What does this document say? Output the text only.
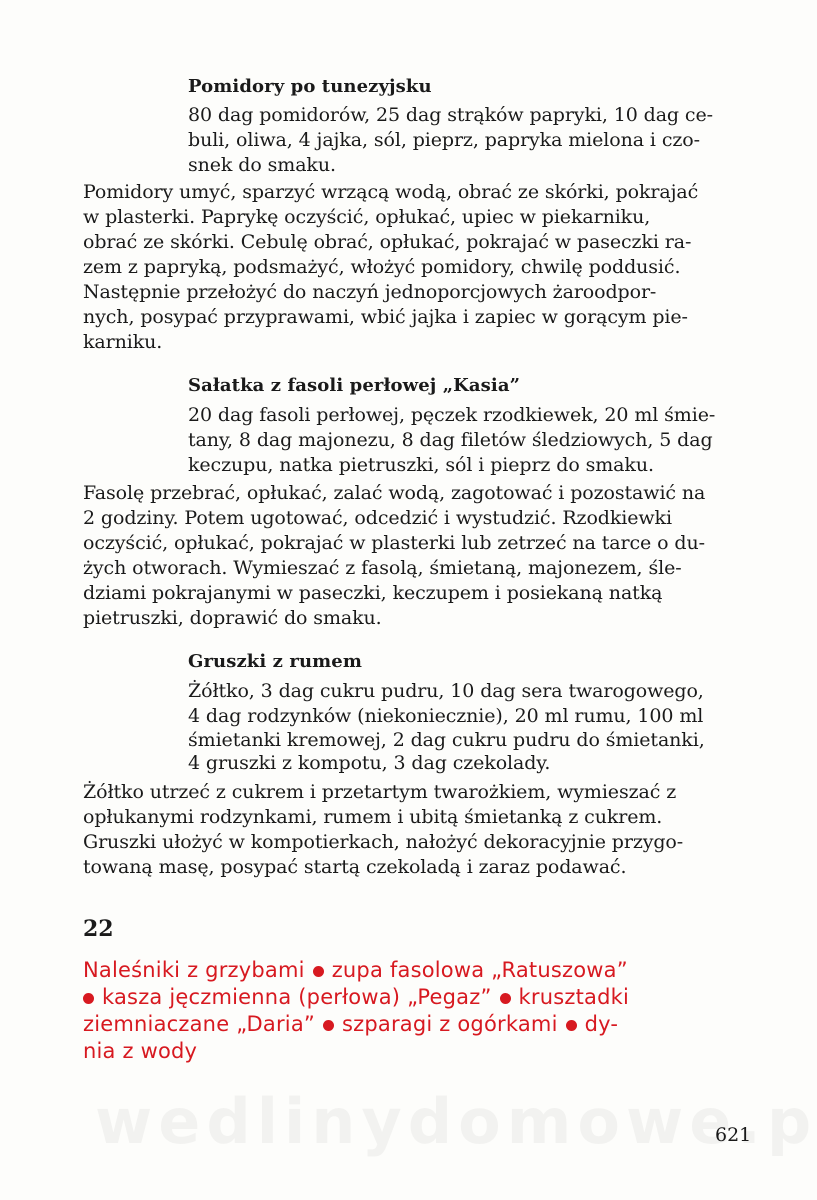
Pomidory po tunezyjsku
80 dag pomidorów, 25 dag strąków papryki, 10 dag ce-
buli, oliwa, 4 jajka, sól, pieprz, papryka mielona i czo-
snek do smaku.
Pomidory umyć, sparzyć wrzącą wodą, obrać ze skórki, pokrajać
w plasterki. Paprykę oczyścić, opłukać, upiec w piekarniku,
obrać ze skórki. Cebulę obrać, opłukać, pokrajać w paseczki ra-
zem z papryką, podsmażyć, włożyć pomidory, chwilę poddusić.
Następnie przełożyć do naczyń jednoporcjowych żaroodpor-
nych, posypać przyprawami, wbić jajka i zapiec w gorącym pie-
karniku.
Sałatka z fasoli perłowej „Kasia”
20 dag fasoli perłowej, pęczek rzodkiewek, 20 ml śmie-
tany, 8 dag majonezu, 8 dag filetów śledziowych, 5 dag
keczupu, natka pietruszki, sól i pieprz do smaku.
Fasolę przebrać, opłukać, zalać wodą, zagotować i pozostawić na
2 godziny. Potem ugotować, odcedzić i wystudzić. Rzodkiewki
oczyścić, opłukać, pokrajać w plasterki lub zetrzeć na tarce o du-
żych otworach. Wymieszać z fasolą, śmietaną, majonezem, śle-
dziami pokrajanymi w paseczki, keczupem i posiekaną natką
pietruszki, doprawić do smaku.
Gruszki z rumem
Żółtko, 3 dag cukru pudru, 10 dag sera twarogowego,
4 dag rodzynków (niekoniecznie), 20 ml rumu, 100 ml
śmietanki kremowej, 2 dag cukru pudru do śmietanki,
4 gruszki z kompotu, 3 dag czekolady.
Żółtko utrzeć z cukrem i przetartym twarożkiem, wymieszać z
opłukanymi rodzynkami, rumem i ubitą śmietanką z cukrem.
Gruszki ułożyć w kompotierkach, nałożyć dekoracyjnie przygo-
towaną masę, posypać startą czekoladą i zaraz podawać.
22
Naleśniki z grzybami zupa fasolowa „Ratuszowa”
kasza jęczmienna (perłowa) „Pegaz” krusztadki
ziemniaczane „Daria” szparagi z ogórkami dy-
nia z wody
621
